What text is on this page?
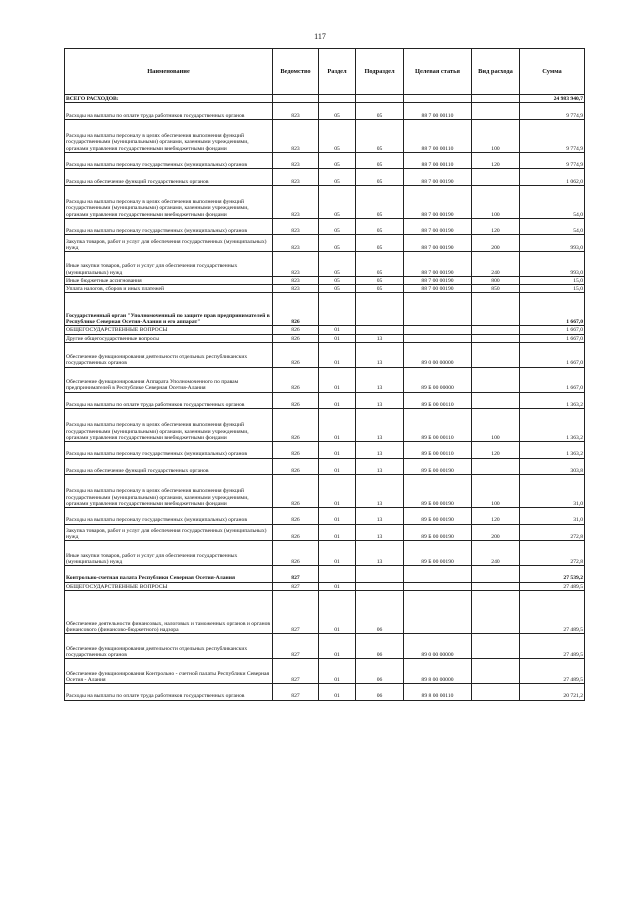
117
Наименование	Ведомство	Раздел	Подраздел	Целевая статья	Вид расхода	Сумма
ВСЕГО РАСХОДОВ:						24 983 940,7
Расходы на выплаты по оплате труда работников государственных органов	823	05	05	88 7 00 00110		9 774,9
Расходы на выплаты персоналу в целях обеспечения выполнения функций государственными (муниципальными) органами, казенными учреждениями, органами управления государственными внебюджетными фондами	823	05	05	88 7 00 00110	100	9 774,9
Расходы на выплаты персоналу государственных (муниципальных) органов	823	05	05	88 7 00 00110	120	9 774,9
Расходы на обеспечение функций государственных органов	823	05	05	88 7 00 00190		1 062,0
Расходы на выплаты персоналу в целях обеспечения выполнения функций государственными (муниципальными) органами, казенными учреждениями, органами управления государственными внебюджетными фондами	823	05	05	88 7 00 00190	100	54,0
Расходы на выплаты персоналу государственных (муниципальных) органов	823	05	05	88 7 00 00190	120	54,0
Закупка товаров, работ и услуг для обеспечения государственных (муниципальных) нужд	823	05	05	88 7 00 00190	200	993,0
Иные закупки товаров, работ и услуг для обеспечения государственных (муниципальных) нужд	823	05	05	88 7 00 00190	240	993,0
Иные бюджетные ассигнования	823	05	05	88 7 00 00190	800	15,0
Уплата налогов, сборов и иных платежей	823	05	05	88 7 00 00190	850	15,0
Государственный орган "Уполномоченный по защите прав предпринимателей в Республике Северная Осетия-Алания и его аппарат"	826					1 667,0
ОБЩЕГОСУДАРСТВЕННЫЕ ВОПРОСЫ	826	01				1 667,0
Другие общегосударственные вопросы	826	01	13			1 667,0
Обеспечение функционирования деятельности отдельных республиканских государственных органов	826	01	13	89 0 00 00000		1 667,0
Обеспечение функционирования Аппарата Уполномоченного по правам предпринимателей в Республике Северная Осетия-Алания	826	01	13	89 Б 00 00000		1 667,0
Расходы на выплаты по оплате труда работников государственных органов	826	01	13	89 Б 00 00110		1 363,2
Расходы на выплаты персоналу в целях обеспечения выполнения функций государственными (муниципальными) органами, казенными учреждениями, органами управления государственными внебюджетными фондами	826	01	13	89 Б 00 00110	100	1 363,2
Расходы на выплаты персоналу государственных (муниципальных) органов	826	01	13	89 Б 00 00110	120	1 363,2
Расходы на обеспечение функций государственных органов	826	01	13	89 Б 00 00190		303,8
Расходы на выплаты персоналу в целях обеспечения выполнения функций государственными (муниципальными) органами, казенными учреждениями, органами управления государственными внебюджетными фондами	826	01	13	89 Б 00 00190	100	31,0
Расходы на выплаты персоналу государственных (муниципальных) органов	826	01	13	89 Б 00 00190	120	31,0
Закупка товаров, работ и услуг для обеспечения государственных (муниципальных) нужд	826	01	13	89 Б 00 00190	200	272,8
Иные закупки товаров, работ и услуг для обеспечения государственных (муниципальных) нужд	826	01	13	89 Б 00 00190	240	272,8
Контрольно-счетная палата Республики Северная Осетия-Алания	827					27 539,2
ОБЩЕГОСУДАРСТВЕННЫЕ ВОПРОСЫ	827	01				27 489,5
Обеспечение деятельности финансовых, налоговых и таможенных органов и органов финансового (финансово-бюджетного) надзора	827	01	06			27 489,5
Обеспечение функционирования деятельности отдельных республиканских государственных органов	827	01	06	89 0 00 00000		27 489,5
Обеспечение функционирования Контрольно - счетной палаты Республики Северная Осетия - Алания	827	01	06	89 8 00 00000		27 489,5
Расходы на выплаты по оплате труда работников государственных органов	827	01	06	89 8 00 00110		20 721,2
